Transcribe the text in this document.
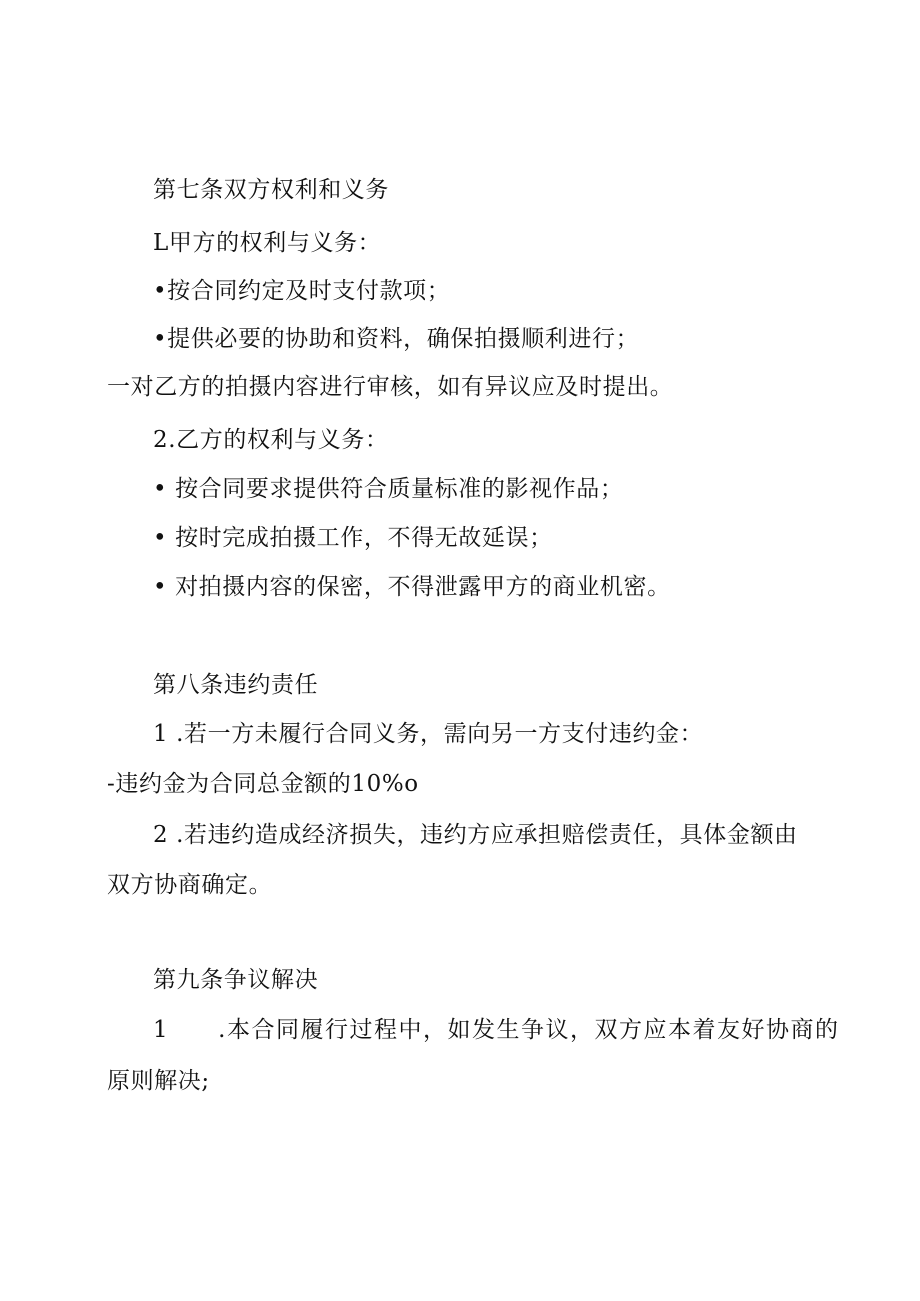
第七条双方权利和义务

L甲方的权利与义务：

•按合同约定及时支付款项；

•提供必要的协助和资料，确保拍摄顺利进行；

一对乙方的拍摄内容进行审核，如有异议应及时提出。

2.乙方的权利与义务：

• 按合同要求提供符合质量标准的影视作品；

• 按时完成拍摄工作，不得无故延误；

• 对拍摄内容的保密，不得泄露甲方的商业机密。

第八条违约责任

1 .若一方未履行合同义务，需向另一方支付违约金：

-违约金为合同总金额的10%o

2 .若违约造成经济损失，违约方应承担赔偿责任，具体金额由

双方协商确定。

第九条争议解决

1  .本合同履行过程中，如发生争议，双方应本着友好协商的

原则解决;
